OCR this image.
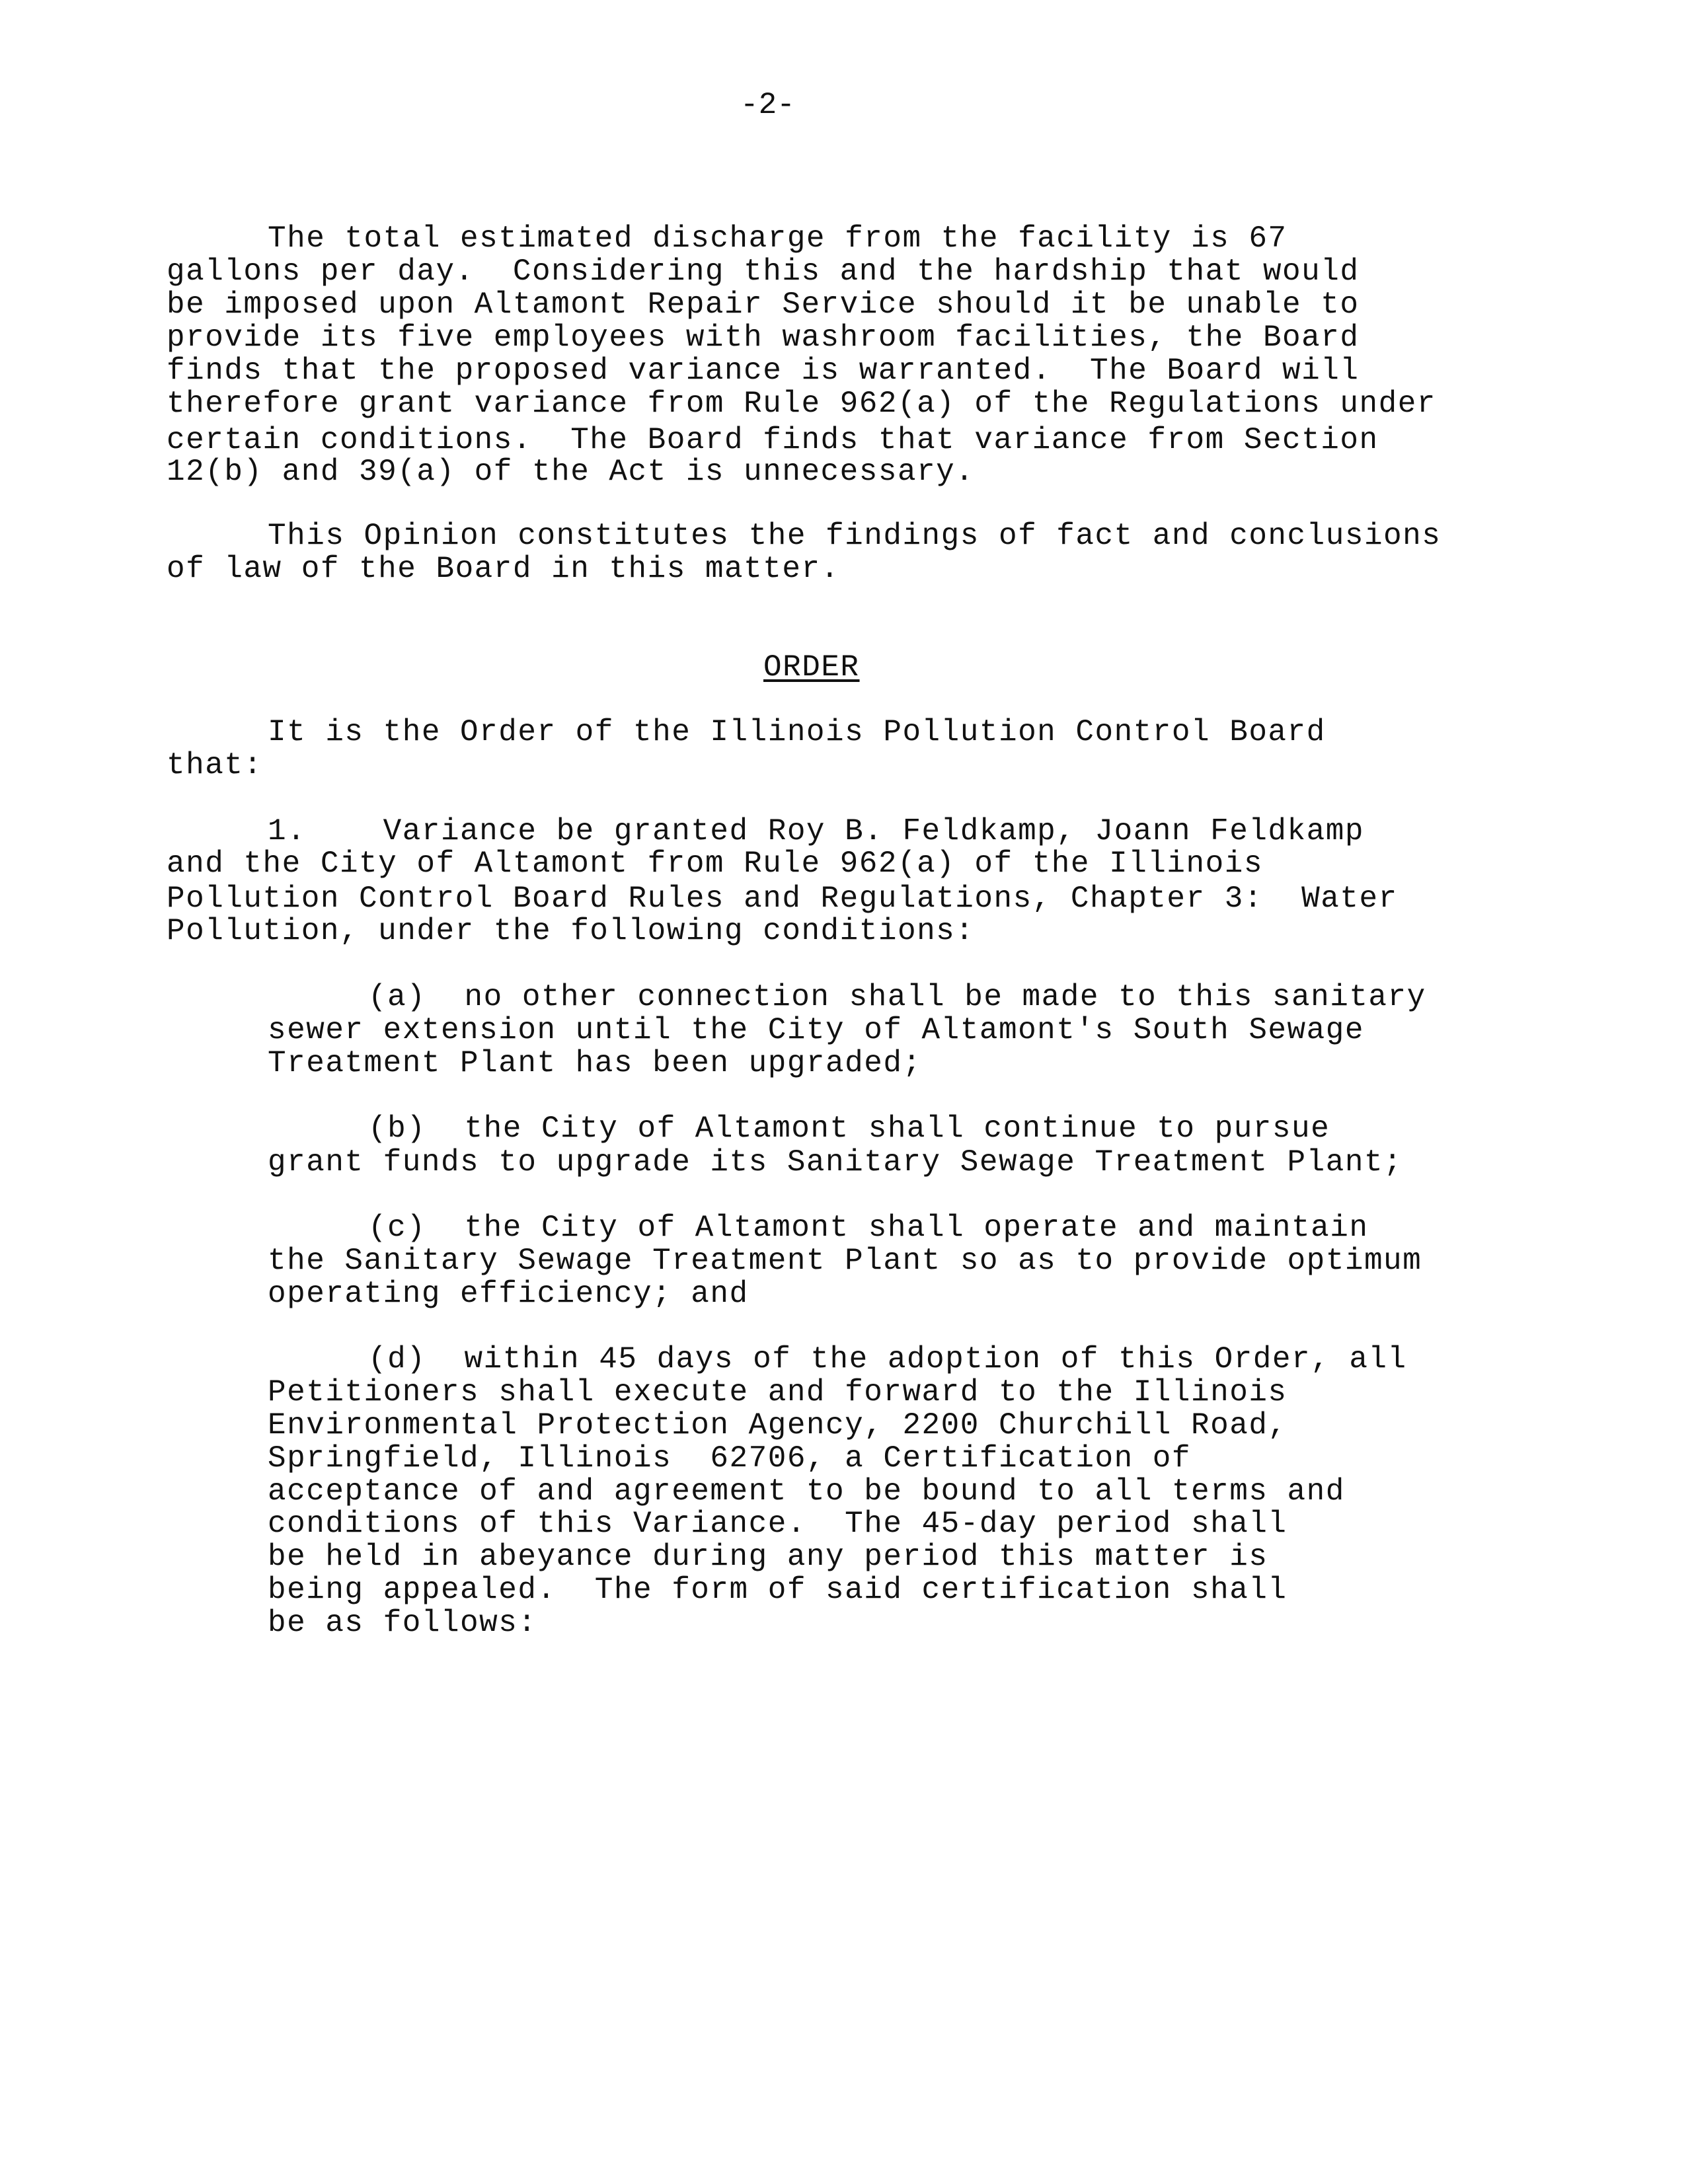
-2-
The total estimated discharge from the facility is 67
gallons per day.  Considering this and the hardship that would
be imposed upon Altamont Repair Service should it be unable to
provide its five employees with washroom facilities, the Board
finds that the proposed variance is warranted.  The Board will
therefore grant variance from Rule 962(a) of the Regulations under
certain conditions.  The Board finds that variance from Section
12(b) and 39(a) of the Act is unnecessary.
This Opinion constitutes the findings of fact and conclusions
of law of the Board in this matter.
ORDER
It is the Order of the Illinois Pollution Control Board
that:
1.    Variance be granted Roy B. Feldkamp, Joann Feldkamp
and the City of Altamont from Rule 962(a) of the Illinois
Pollution Control Board Rules and Regulations, Chapter 3:  Water
Pollution, under the following conditions:
(a)  no other connection shall be made to this sanitary
sewer extension until the City of Altamont's South Sewage
Treatment Plant has been upgraded;
(b)  the City of Altamont shall continue to pursue
grant funds to upgrade its Sanitary Sewage Treatment Plant;
(c)  the City of Altamont shall operate and maintain
the Sanitary Sewage Treatment Plant so as to provide optimum
operating efficiency; and
(d)  within 45 days of the adoption of this Order, all
Petitioners shall execute and forward to the Illinois
Environmental Protection Agency, 2200 Churchill Road,
Springfield, Illinois  62706, a Certification of
acceptance of and agreement to be bound to all terms and
conditions of this Variance.  The 45-day period shall
be held in abeyance during any period this matter is
being appealed.  The form of said certification shall
be as follows:
